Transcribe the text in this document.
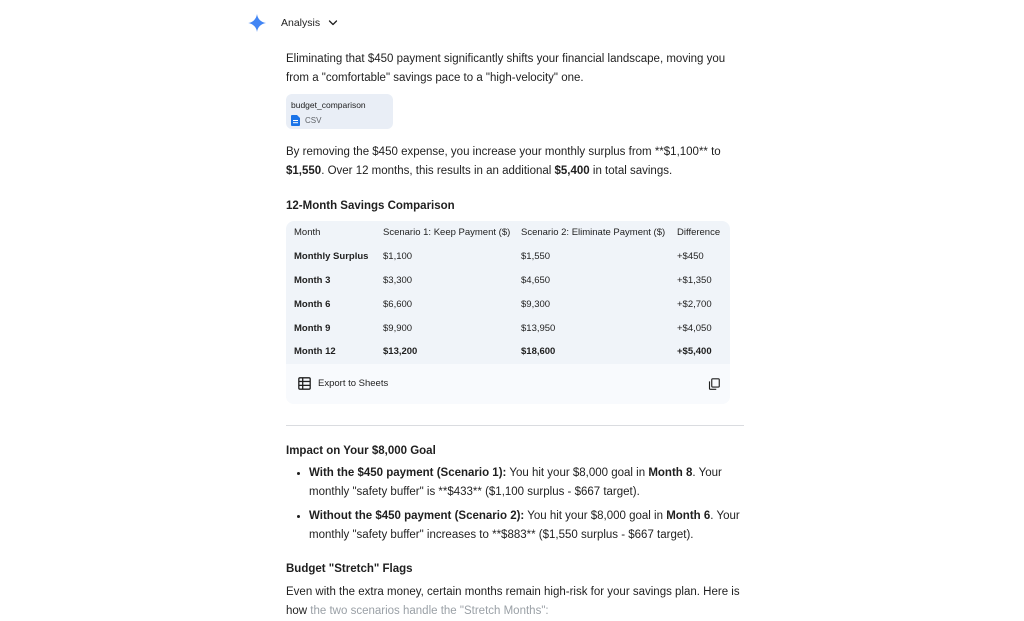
Analysis

Eliminating that $450 payment significantly shifts your financial landscape, moving you from a "comfortable" savings pace to a "high-velocity" one.

budget_comparison
CSV

By removing the $450 expense, you increase your monthly surplus from **$1,100** to $1,550. Over 12 months, this results in an additional $5,400 in total savings.

12-Month Savings Comparison
Month	Scenario 1: Keep Payment ($)	Scenario 2: Eliminate Payment ($)	Difference
Monthly Surplus	$1,100	$1,550	+$450
Month 3	$3,300	$4,650	+$1,350
Month 6	$6,600	$9,300	+$2,700
Month 9	$9,900	$13,950	+$4,050
Month 12	$13,200	$18,600	+$5,400
Export to Sheets
Impact on Your $8,000 Goal
• With the $450 payment (Scenario 1): You hit your $8,000 goal in Month 8. Your monthly "safety buffer" is **$433** ($1,100 surplus - $667 target).
• Without the $450 payment (Scenario 2): You hit your $8,000 goal in Month 6. Your monthly "safety buffer" increases to **$883** ($1,550 surplus - $667 target).
Budget "Stretch" Flags

Even with the extra money, certain months remain high-risk for your savings plan. Here is how the two scenarios handle the "Stretch Months":
